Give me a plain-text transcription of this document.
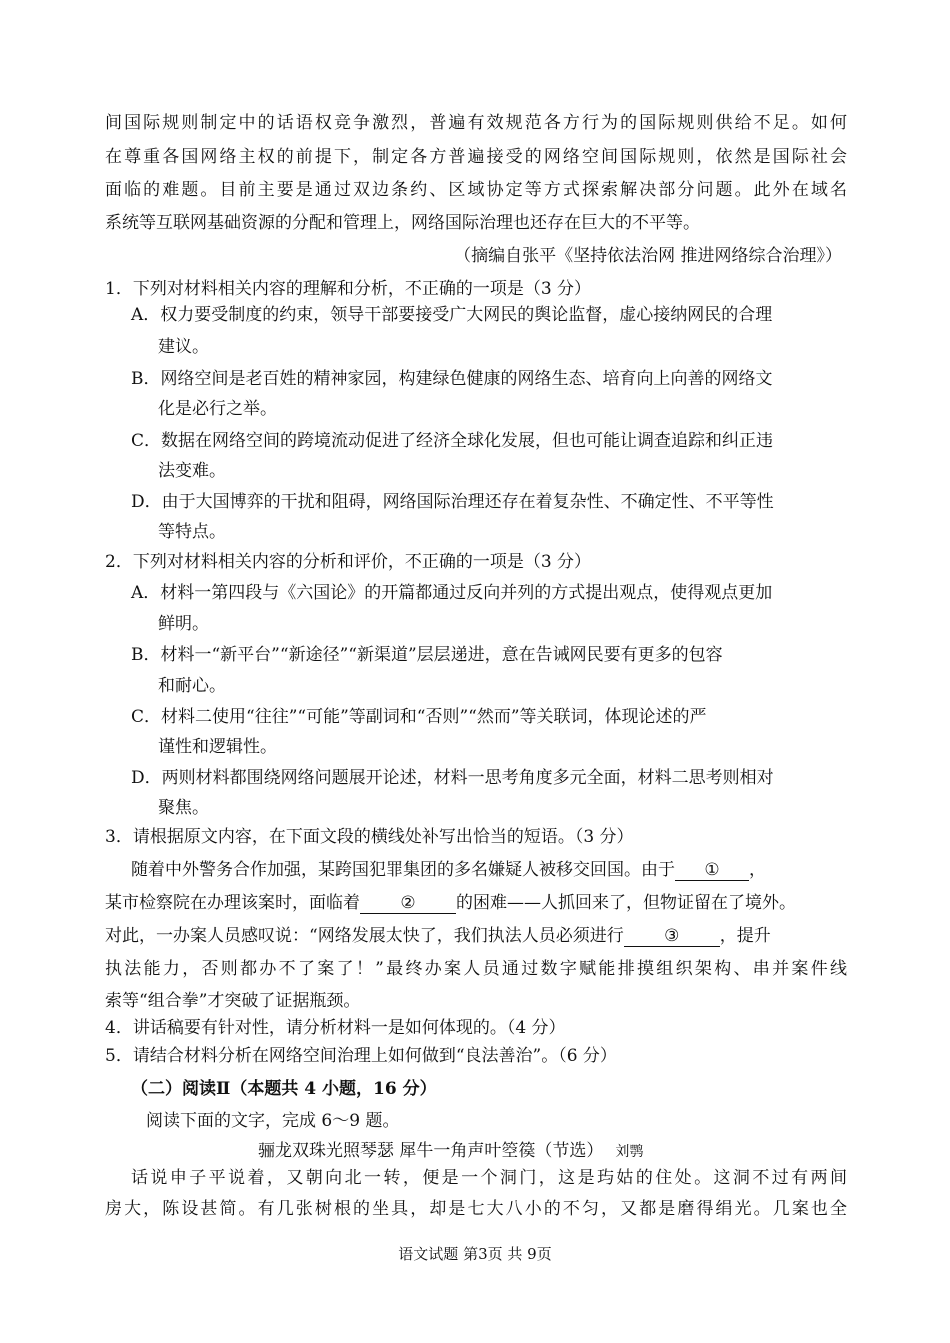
间国际规则制定中的话语权竞争激烈，普遍有效规范各方行为的国际规则供给不足。如何
在尊重各国网络主权的前提下，制定各方普遍接受的网络空间国际规则，依然是国际社会
面临的难题。目前主要是通过双边条约、区域协定等方式探索解决部分问题。此外在域名
系统等互联网基础资源的分配和管理上，网络国际治理也还存在巨大的不平等。
（摘编自张平《坚持依法治网 推进网络综合治理》）
1．下列对材料相关内容的理解和分析，不正确的一项是（3 分）
A．权力要受制度的约束，领导干部要接受广大网民的舆论监督，虚心接纳网民的合理
建议。
B．网络空间是老百姓的精神家园，构建绿色健康的网络生态、培育向上向善的网络文
化是必行之举。
C．数据在网络空间的跨境流动促进了经济全球化发展，但也可能让调查追踪和纠正违
法变难。
D．由于大国博弈的干扰和阻碍，网络国际治理还存在着复杂性、不确定性、不平等性
等特点。
2．下列对材料相关内容的分析和评价，不正确的一项是（3 分）
A．材料一第四段与《六国论》的开篇都通过反向并列的方式提出观点，使得观点更加
鲜明。
B．材料一“新平台”“新途径”“新渠道”层层递进，意在告诫网民要有更多的包容
和耐心。
C．材料二使用“往往”“可能”等副词和“否则”“然而”等关联词，体现论述的严
谨性和逻辑性。
D．两则材料都围绕网络问题展开论述，材料一思考角度多元全面，材料二思考则相对
聚焦。
3．请根据原文内容，在下面文段的横线处补写出恰当的短语。（3 分）
随着中外警务合作加强，某跨国犯罪集团的多名嫌疑人被移交回国。由于 ① ，
某市检察院在办理该案时，面临着 ② 的困难——人抓回来了，但物证留在了境外。
对此，一办案人员感叹说：“网络发展太快了，我们执法人员必须进行 ③ ，提升
执法能力，否则都办不了案了！”最终办案人员通过数字赋能排摸组织架构、串并案件线
索等“组合拳”才突破了证据瓶颈。
4．讲话稿要有针对性，请分析材料一是如何体现的。（4 分）
5．请结合材料分析在网络空间治理上如何做到“良法善治”。（6 分）
（二）阅读Ⅱ（本题共 4 小题，16 分）
阅读下面的文字，完成 6～9 题。
骊龙双珠光照琴瑟 犀牛一角声叶箜篌（节选） 刘鹗
话说申子平说着，又朝向北一转，便是一个洞门，这是玙姑的住处。这洞不过有两间
房大，陈设甚简。有几张树根的坐具，却是七大八小的不匀，又都是磨得绢光。几案也全
语文试题 第3页 共 9页
